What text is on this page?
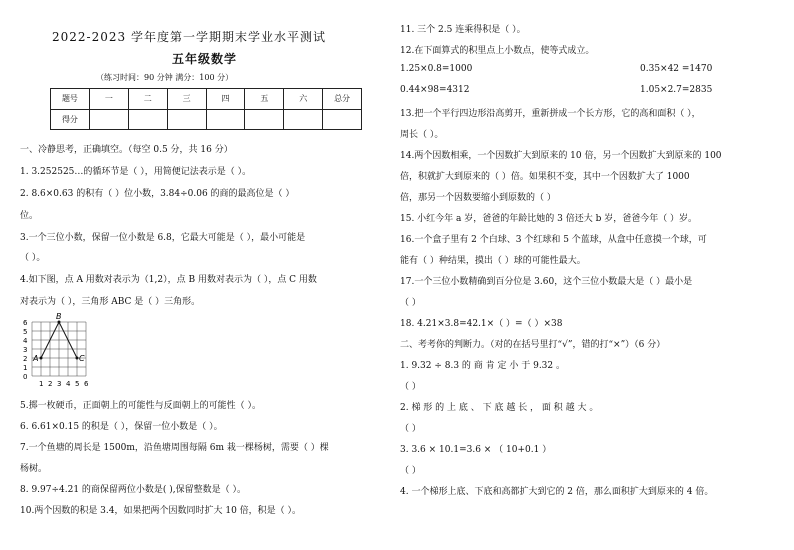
2022-2023 学年度第一学期期末学业水平测试
五年级数学
（练习时间：90 分钟 满分：100 分）
题号	一	二	三	四	五	六	总分
得分							
一、冷静思考，正确填空。（每空 0.5 分，共 16 分）
1. 3.252525…的循环节是（ ），用简便记法表示是（ ）。
2. 8.6×0.63 的积有（ ）位小数，3.84÷0.06 的商的最高位是（ ）
位。
3.一个三位小数，保留一位小数是 6.8，它最大可能是（ ），最小可能是
（ ）。
4.如下图，点 A 用数对表示为（1,2），点 B 用数对表示为（ ），点 C 用数
对表示为（ ），三角形 ABC 是（ ）三角形。
6
5
4
3
2
1
0
1 2 3 4 5 6
A
B
C
5.掷一枚硬币，正面朝上的可能性与反面朝上的可能性（ ）。
6. 6.61×0.15 的积是（ ），保留一位小数是（ ）。
7.一个鱼塘的周长是 1500m，沿鱼塘周围每隔 6m 栽一棵杨树，需要（ ）棵
杨树。
8. 9.97÷4.21 的商保留两位小数是( ),保留整数是（ ）。
10.两个因数的积是 3.4，如果把两个因数同时扩大 10 倍，积是（ ）。
11. 三个 2.5 连乘得积是（ ）。
12.在下面算式的积里点上小数点，使等式成立。
1.25×0.8=1000	0.35×42 =1470
0.44×98=4312	1.05×2.7=2835
13.把一个平行四边形沿高剪开，重新拼成一个长方形，它的高和面积（ ），
周长（ ）。
14.两个因数相乘，一个因数扩大到原来的 10 倍，另一个因数扩大到原来的 100
倍，积就扩大到原来的（ ）倍。如果积不变，其中一个因数扩大了 1000
倍，那另一个因数要缩小到原数的（ ）
15. 小红今年 a 岁，爸爸的年龄比她的 3 倍还大 b 岁，爸爸今年（ ）岁。
16.一个盒子里有 2 个白球、3 个红球和 5 个蓝球，从盒中任意摸一个球，可
能有（ ）种结果，摸出（ ）球的可能性最大。
17.一个三位小数精确到百分位是 3.60，这个三位小数最大是（ ）最小是
（ ）
18. 4.21×3.8=42.1×（ ）=（ ）×38
二、考考你的判断力。（对的在括号里打“√”，错的打“×”）（6 分）
1. 9.32 ÷ 8.3 的 商 肯 定 小 于 9.32 。
（ ）
2. 梯 形 的 上 底 、 下 底 越 长 ， 面 积 越 大 。
（ ）
3. 3.6 × 10.1=3.6 × （ 10+0.1 ）
（ ）
4. 一个梯形上底、下底和高都扩大到它的 2 倍，那么面积扩大到原来的 4 倍。
